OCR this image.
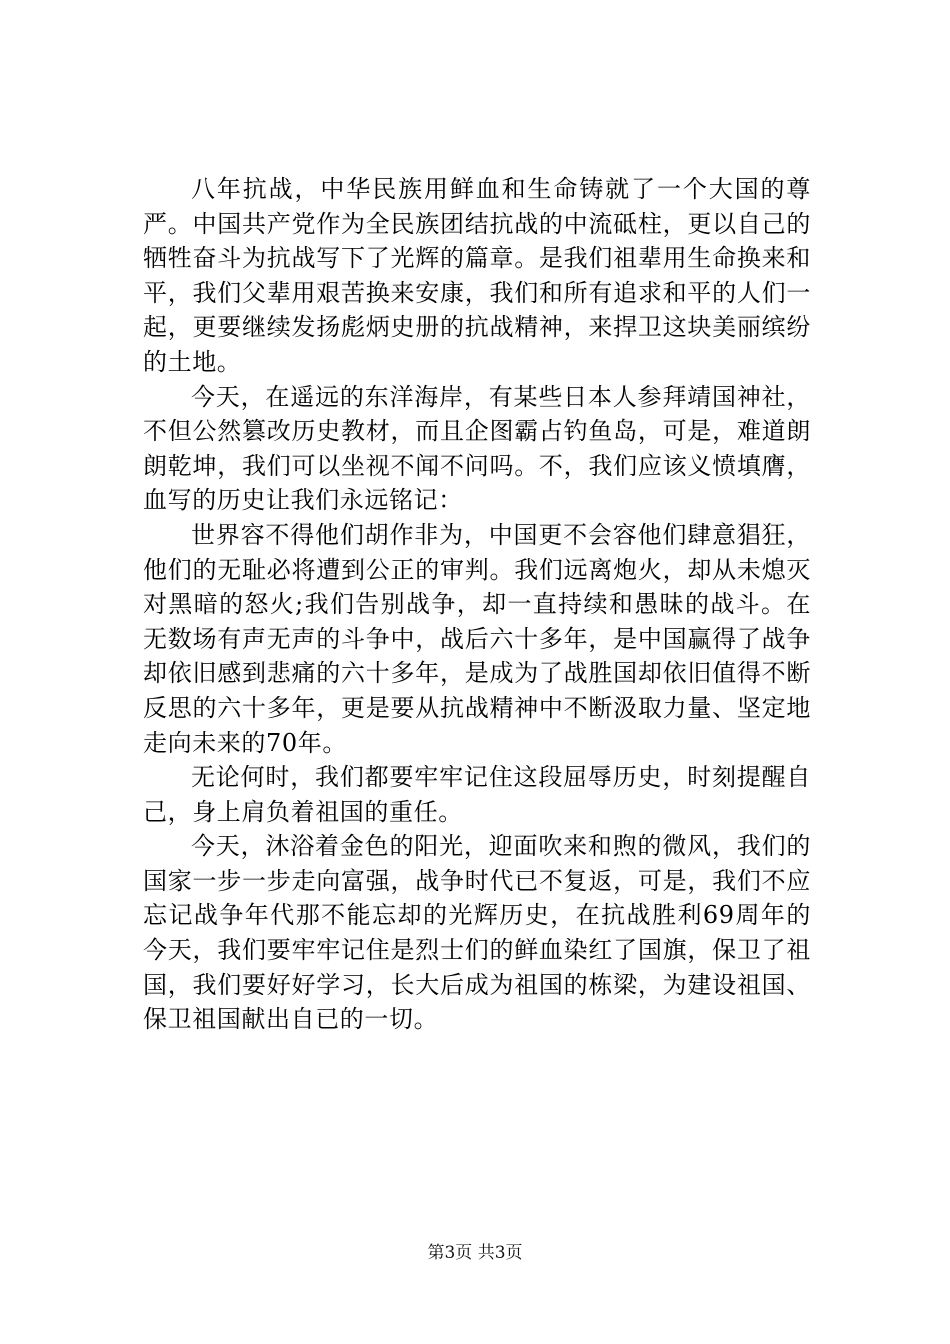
八年抗战，中华民族用鲜血和生命铸就了一个大国的尊严。中国共产党作为全民族团结抗战的中流砥柱，更以自己的牺牲奋斗为抗战写下了光辉的篇章。是我们祖辈用生命换来和平，我们父辈用艰苦换来安康，我们和所有追求和平的人们一起，更要继续发扬彪炳史册的抗战精神，来捍卫这块美丽缤纷的土地。

今天，在遥远的东洋海岸，有某些日本人参拜靖国神社，不但公然篡改历史教材，而且企图霸占钓鱼岛，可是，难道朗朗乾坤，我们可以坐视不闻不问吗。不，我们应该义愤填膺，血写的历史让我们永远铭记：

世界容不得他们胡作非为，中国更不会容他们肆意猖狂，他们的无耻必将遭到公正的审判。我们远离炮火，却从未熄灭对黑暗的怒火;我们告别战争，却一直持续和愚昧的战斗。在无数场有声无声的斗争中，战后六十多年，是中国赢得了战争却依旧感到悲痛的六十多年，是成为了战胜国却依旧值得不断反思的六十多年，更是要从抗战精神中不断汲取力量、坚定地走向未来的70年。

无论何时，我们都要牢牢记住这段屈辱历史，时刻提醒自己，身上肩负着祖国的重任。

今天，沐浴着金色的阳光，迎面吹来和煦的微风，我们的国家一步一步走向富强，战争时代已不复返，可是，我们不应忘记战争年代那不能忘却的光辉历史，在抗战胜利69周年的今天，我们要牢牢记住是烈士们的鲜血染红了国旗，保卫了祖国，我们要好好学习，长大后成为祖国的栋梁，为建设祖国、保卫祖国献出自已的一切。

第3页 共3页
